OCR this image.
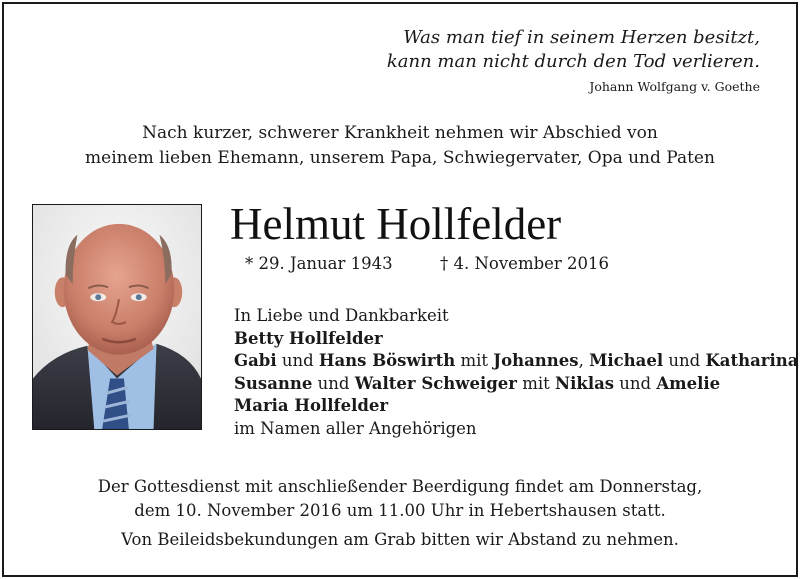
Was man tief in seinem Herzen besitzt,
kann man nicht durch den Tod verlieren.
Johann Wolfgang v. Goethe
Nach kurzer, schwerer Krankheit nehmen wir Abschied von
meinem lieben Ehemann, unserem Papa, Schwiegervater, Opa und Paten
Helmut Hollfelder
* 29. Januar 1943	† 4. November 2016
In Liebe und Dankbarkeit
Betty Hollfelder
Gabi und Hans Böswirth mit Johannes, Michael und Katharina
Susanne und Walter Schweiger mit Niklas und Amelie
Maria Hollfelder
im Namen aller Angehörigen
Der Gottesdienst mit anschließender Beerdigung findet am Donnerstag,
dem 10. November 2016 um 11.00 Uhr in Hebertshausen statt.
Von Beileidsbekundungen am Grab bitten wir Abstand zu nehmen.
